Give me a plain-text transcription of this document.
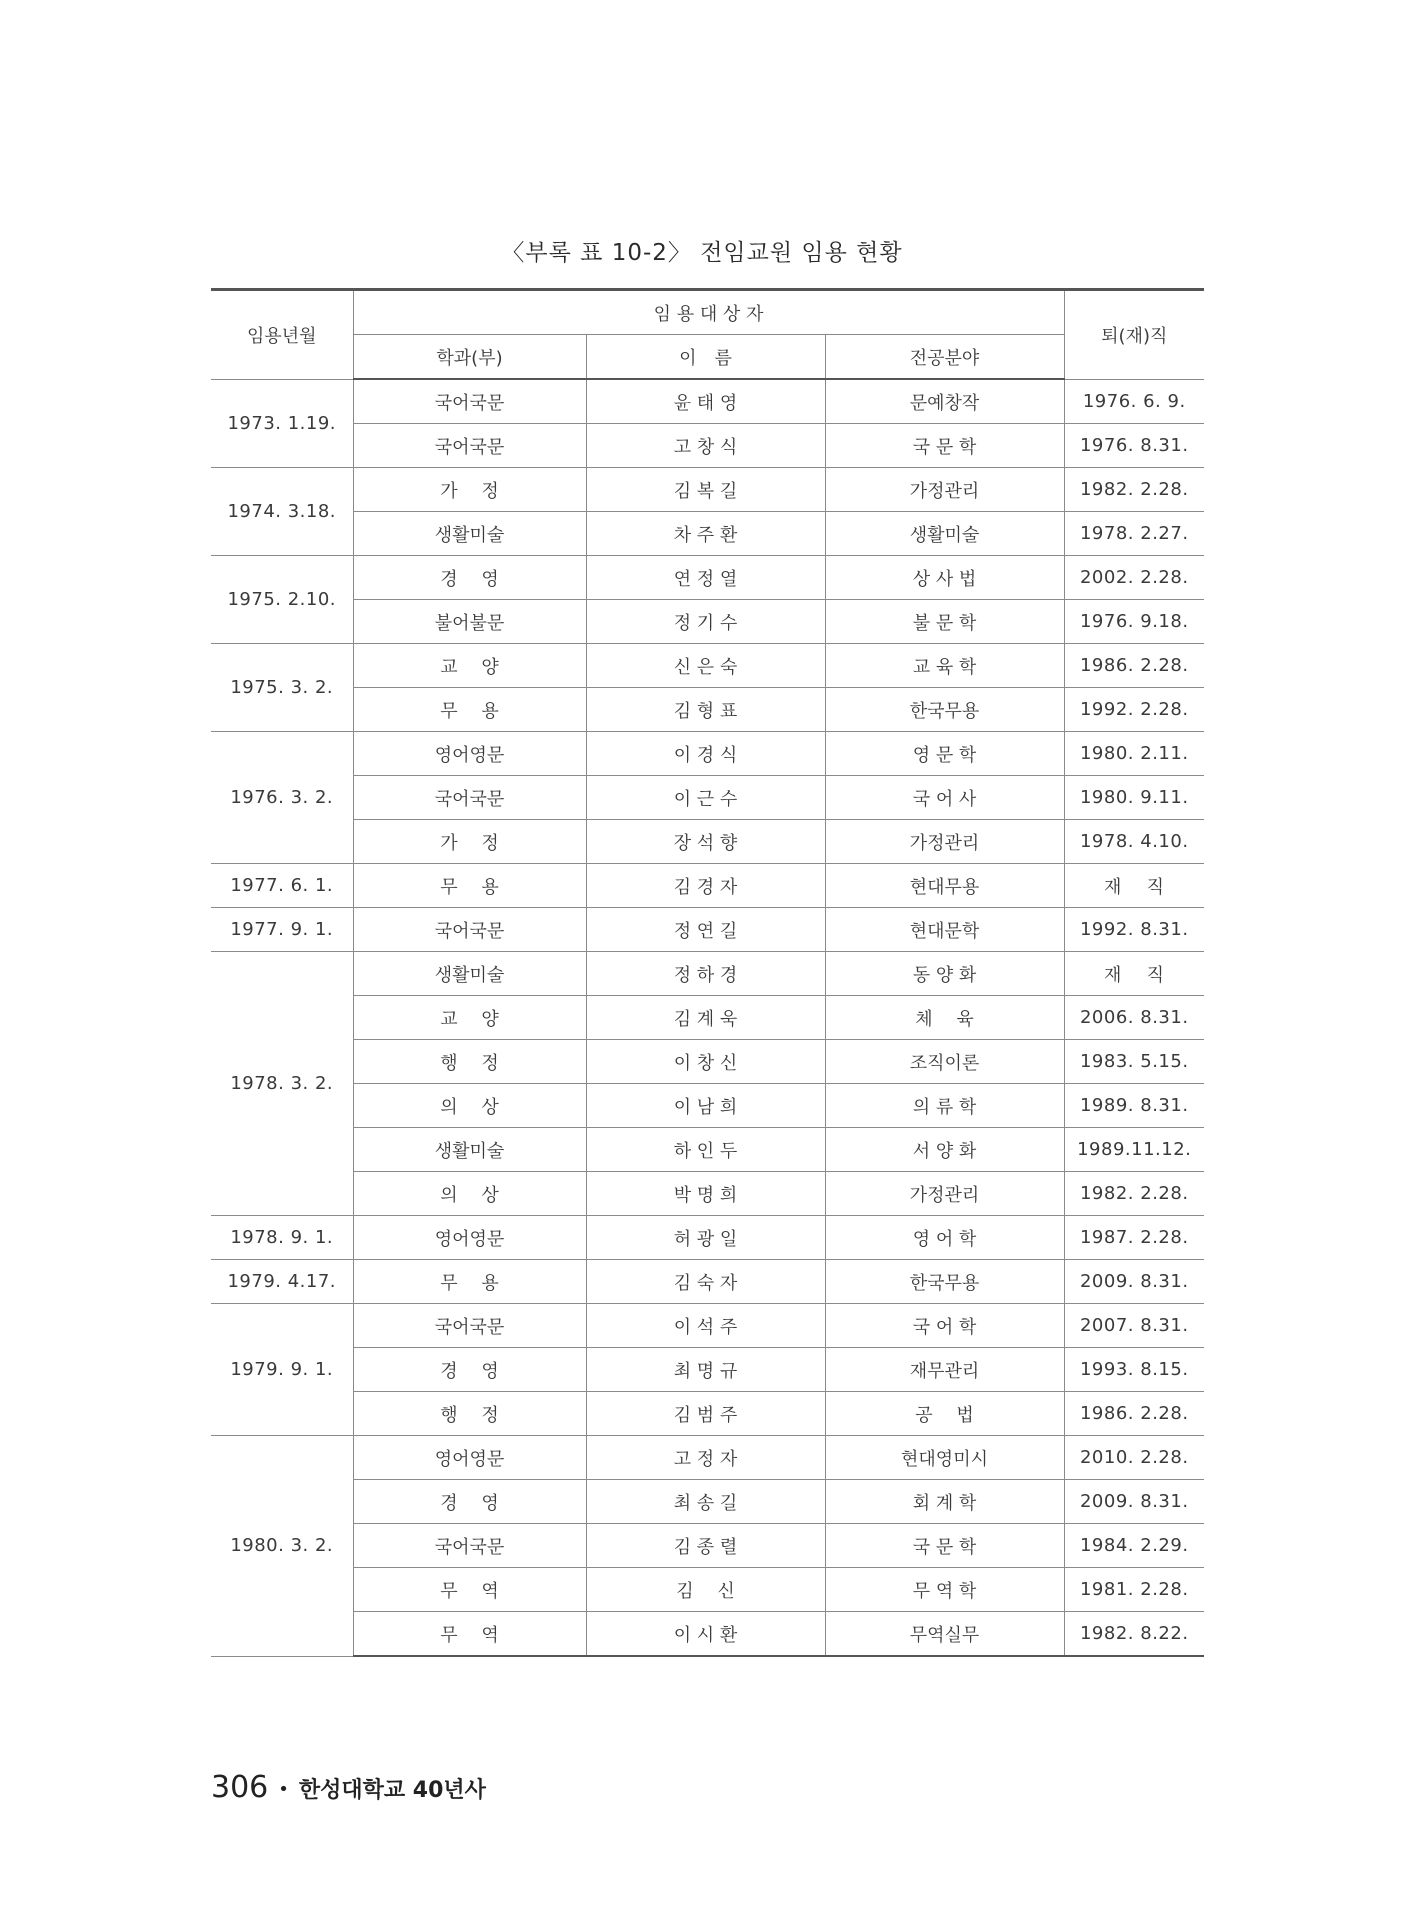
〈부록 표 10-2〉 전임교원 임용 현황
임용년월	임 용 대 상 자			퇴(재)직
	학과(부)	이　름	전공분야	
1973. 1.19.	국어국문	윤 태 영	문예창작	1976. 6. 9.
	국어국문	고 창 식	국 문 학	1976. 8.31.
1974. 3.18.	가　 정	김 복 길	가정관리	1982. 2.28.
	생활미술	차 주 환	생활미술	1978. 2.27.
1975. 2.10.	경　 영	연 정 열	상 사 법	2002. 2.28.
	불어불문	정 기 수	불 문 학	1976. 9.18.
1975. 3. 2.	교　 양	신 은 숙	교 육 학	1986. 2.28.
	무　 용	김 형 표	한국무용	1992. 2.28.
1976. 3. 2.	영어영문	이 경 식	영 문 학	1980. 2.11.
	국어국문	이 근 수	국 어 사	1980. 9.11.
	가　 정	장 석 향	가정관리	1978. 4.10.
1977. 6. 1.	무　 용	김 경 자	현대무용	재　 직
1977. 9. 1.	국어국문	정 연 길	현대문학	1992. 8.31.
1978. 3. 2.	생활미술	정 하 경	동 양 화	재　 직
	교　 양	김 계 욱	체　 육	2006. 8.31.
	행　 정	이 창 신	조직이론	1983. 5.15.
	의　 상	이 남 희	의 류 학	1989. 8.31.
	생활미술	하 인 두	서 양 화	1989.11.12.
	의　 상	박 명 희	가정관리	1982. 2.28.
1978. 9. 1.	영어영문	허 광 일	영 어 학	1987. 2.28.
1979. 4.17.	무　 용	김 숙 자	한국무용	2009. 8.31.
1979. 9. 1.	국어국문	이 석 주	국 어 학	2007. 8.31.
	경　 영	최 명 규	재무관리	1993. 8.15.
	행　 정	김 범 주	공　 법	1986. 2.28.
1980. 3. 2.	영어영문	고 정 자	현대영미시	2010. 2.28.
	경　 영	최 송 길	회 계 학	2009. 8.31.
	국어국문	김 종 렬	국 문 학	1984. 2.29.
	무　 역	김　 신	무 역 학	1981. 2.28.
	무　 역	이 시 환	무역실무	1982. 8.22.
306 • 한성대학교 40년사
